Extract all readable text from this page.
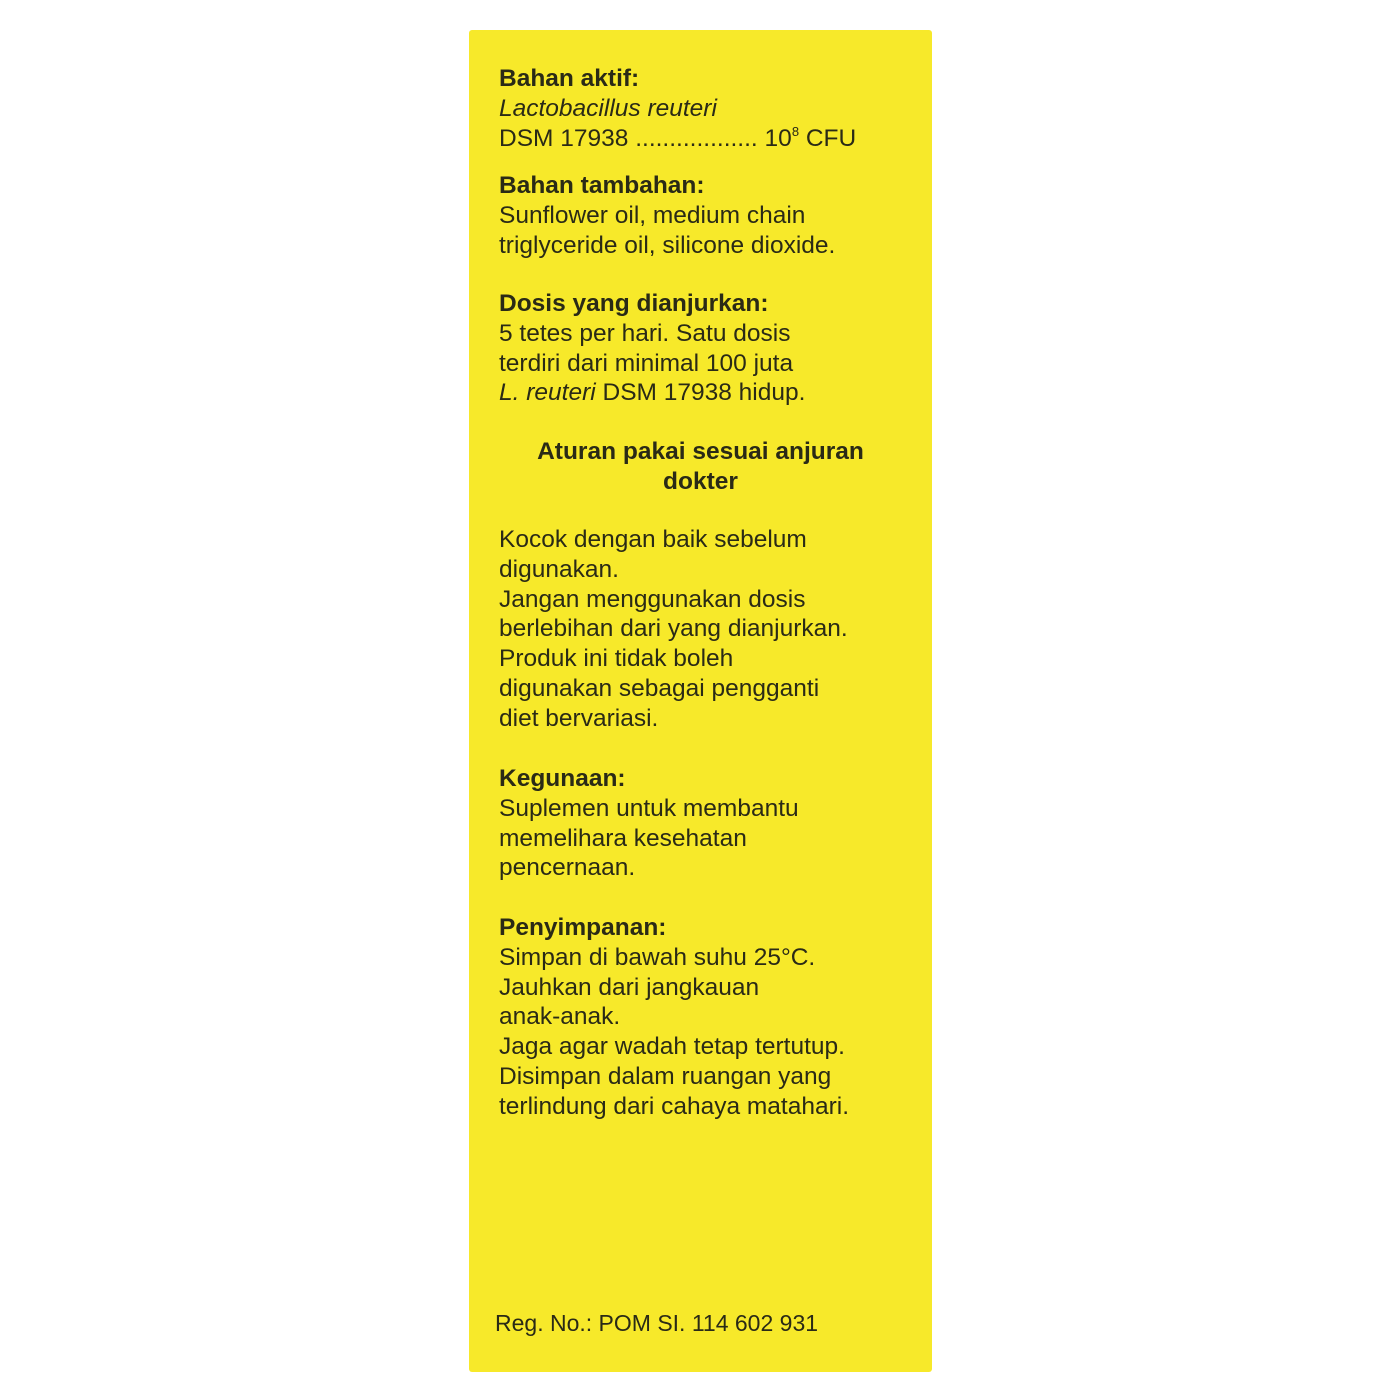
Bahan aktif:
Lactobacillus reuteri
DSM 17938 .................. $10^8$ CFU
Bahan tambahan:
Sunflower oil, medium chain
triglyceride oil, silicone dioxide.
Dosis yang dianjurkan:
5 tetes per hari. Satu dosis
terdiri dari minimal 100 juta
L. reuteri DSM 17938 hidup.
Aturan pakai sesuai anjuran
dokter
Kocok dengan baik sebelum
digunakan.
Jangan menggunakan dosis
berlebihan dari yang dianjurkan.
Produk ini tidak boleh
digunakan sebagai pengganti
diet bervariasi.
Kegunaan:
Suplemen untuk membantu
memelihara kesehatan
pencernaan.
Penyimpanan:
Simpan di bawah suhu 25°C.
Jauhkan dari jangkauan
anak-anak.
Jaga agar wadah tetap tertutup.
Disimpan dalam ruangan yang
terlindung dari cahaya matahari.
Reg. No.: POM SI. 114 602 931
